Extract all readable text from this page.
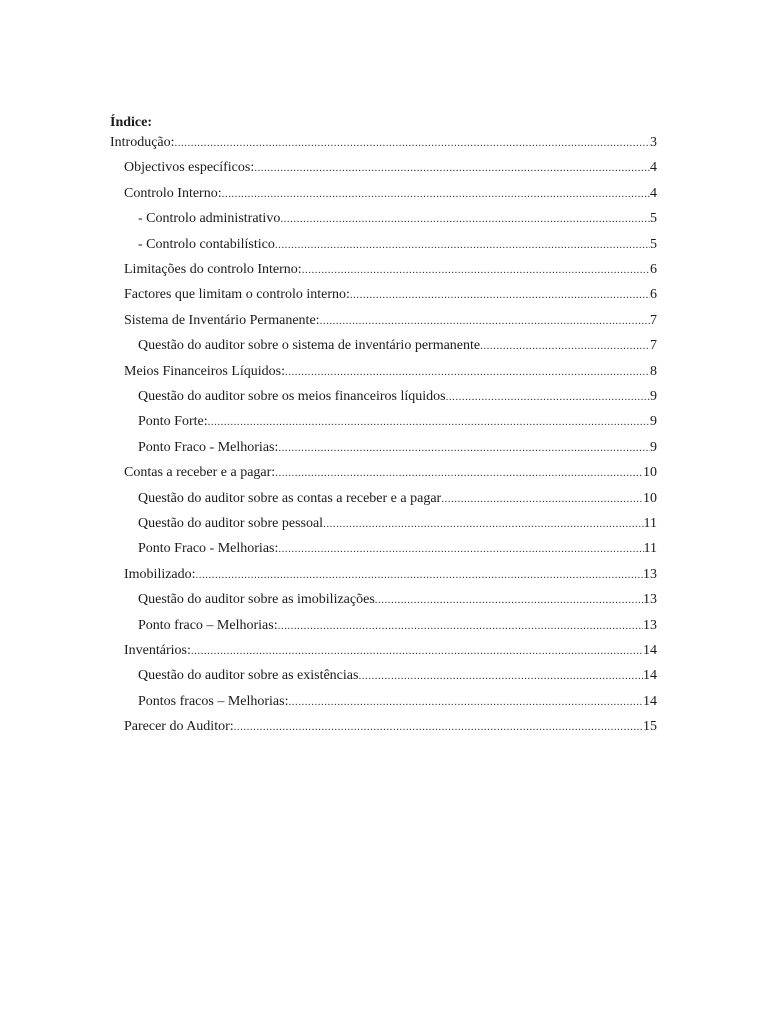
Índice:
Introdução: .....	3
Objectivos específicos: .....	4
Controlo Interno: .....	4
- Controlo administrativo .....	5
- Controlo contabilístico .....	5
Limitações do controlo Interno: .....	6
Factores que limitam o controlo interno: .....	6
Sistema de Inventário Permanente: .....	7
Questão do auditor sobre o sistema de inventário permanente .....	7
Meios Financeiros Líquidos: .....	8
Questão do auditor sobre os meios financeiros líquidos .....	9
Ponto Forte: .....	9
Ponto Fraco - Melhorias: .....	9
Contas a receber e a pagar: .....	10
Questão do auditor sobre as contas a receber e a pagar .....	10
Questão do auditor sobre pessoal .....	11
Ponto Fraco - Melhorias: .....	11
Imobilizado: .....	13
Questão do auditor sobre as imobilizações .....	13
Ponto fraco – Melhorias: .....	13
Inventários: .....	14
Questão do auditor sobre as existências .....	14
Pontos fracos – Melhorias: .....	14
Parecer do Auditor: .....	15
